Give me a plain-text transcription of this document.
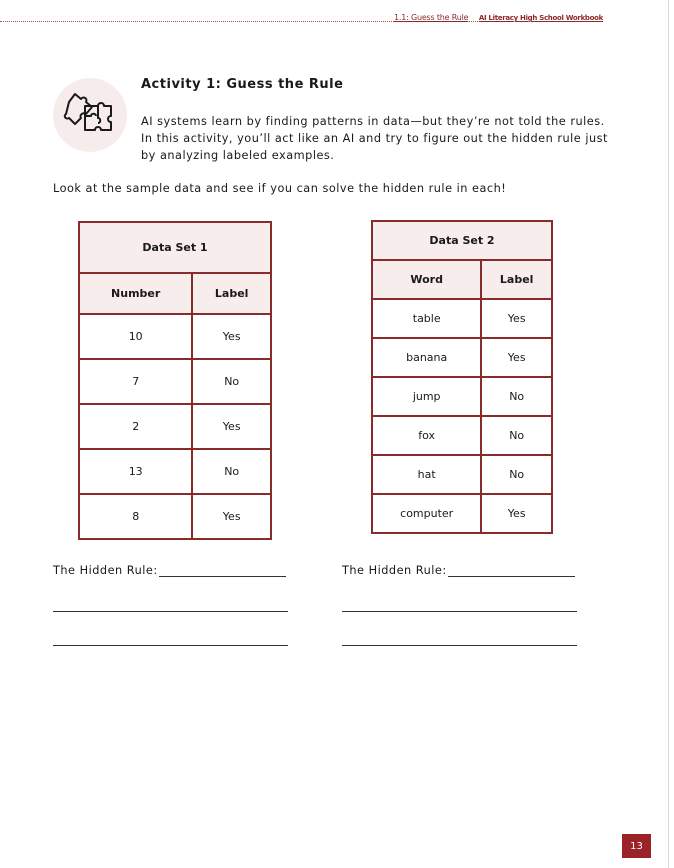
1.1: Guess the Rule AI Literacy High School Workbook
Activity 1: Guess the Rule

AI systems learn by finding patterns in data—but they’re not told the rules. In this activity, you’ll act like an AI and try to figure out the hidden rule just by analyzing labeled examples.

Look at the sample data and see if you can solve the hidden rule in each!

Data Set 1	
Number	Label
10	Yes
7	No
2	Yes
13	No
8	Yes
Data Set 2	
Word	Label
table	Yes
banana	Yes
jump	No
fox	No
hat	No
computer	Yes
The Hidden Rule:	The Hidden Rule:
13
